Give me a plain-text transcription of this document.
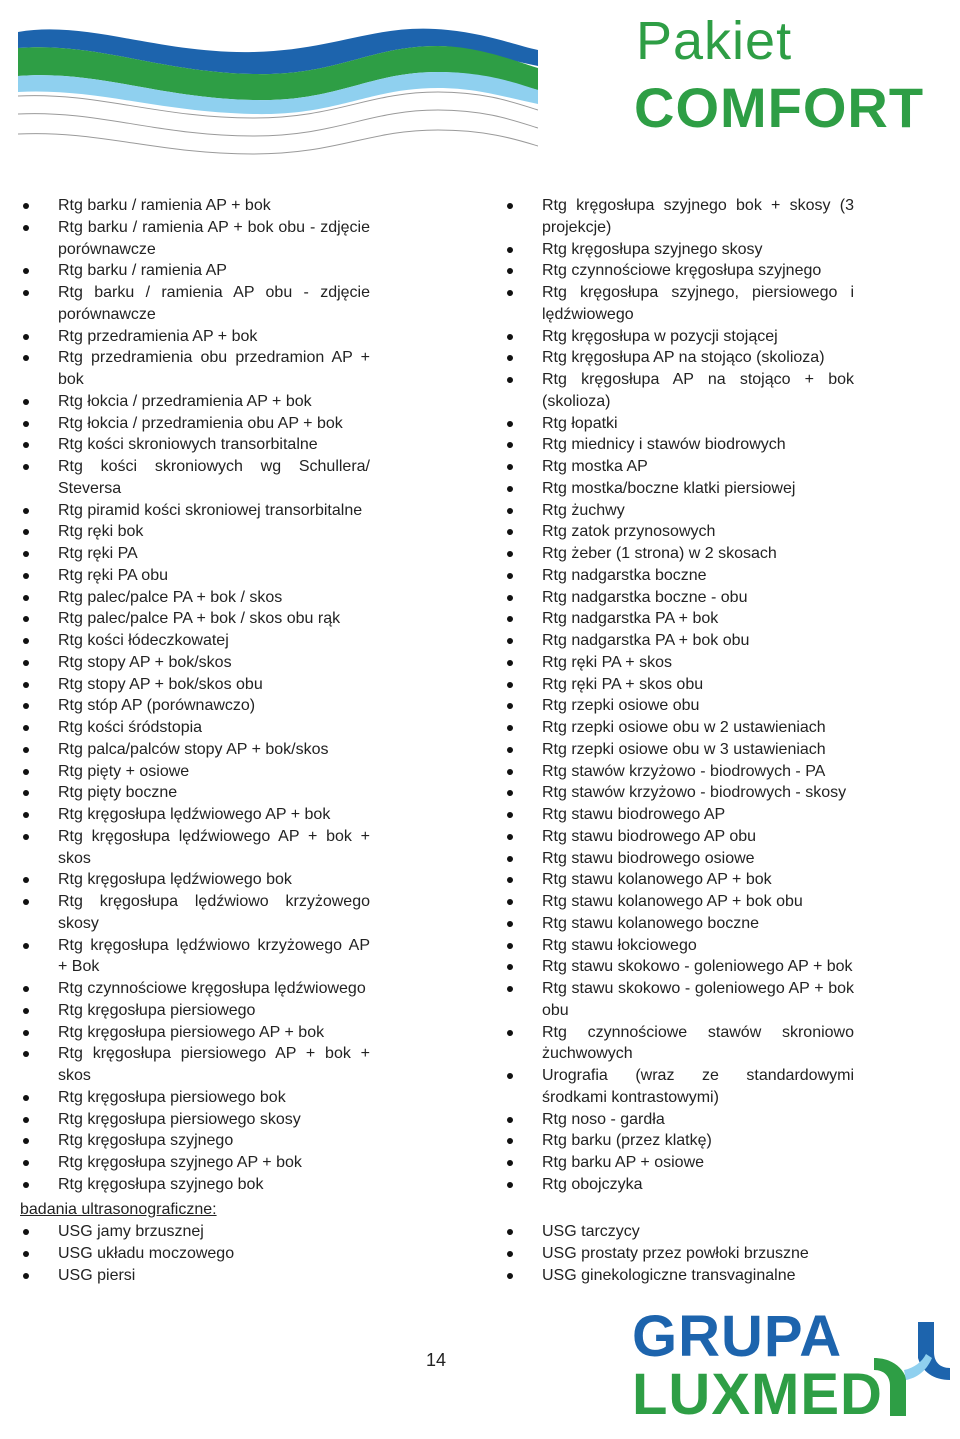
Pakiet
COMFORT
Rtg barku / ramienia AP + bok
Rtg barku / ramienia AP + bok obu - zdjęcie porównawcze
Rtg barku / ramienia AP
Rtg barku / ramienia AP obu - zdjęcie porównawcze
Rtg przedramienia AP + bok
Rtg przedramienia obu przedramion AP + bok
Rtg łokcia / przedramienia AP + bok
Rtg łokcia / przedramienia obu AP + bok
Rtg kości skroniowych transorbitalne
Rtg kości skroniowych wg Schullera/ Steversa
Rtg piramid kości skroniowej transorbitalne
Rtg ręki bok
Rtg ręki PA
Rtg ręki PA obu
Rtg palec/palce PA + bok / skos
Rtg palec/palce PA + bok / skos obu rąk
Rtg kości łódeczkowatej
Rtg stopy AP + bok/skos
Rtg stopy AP + bok/skos obu
Rtg stóp AP (porównawczo)
Rtg kości śródstopia
Rtg palca/palców stopy AP + bok/skos
Rtg pięty + osiowe
Rtg pięty boczne
Rtg kręgosłupa lędźwiowego AP + bok
Rtg kręgosłupa lędźwiowego AP + bok + skos
Rtg kręgosłupa lędźwiowego bok
Rtg kręgosłupa lędźwiowo krzyżowego skosy
Rtg kręgosłupa lędźwiowo krzyżowego AP + Bok
Rtg czynnościowe kręgosłupa lędźwiowego
Rtg kręgosłupa piersiowego
Rtg kręgosłupa piersiowego AP + bok
Rtg kręgosłupa piersiowego AP + bok + skos
Rtg kręgosłupa piersiowego bok
Rtg kręgosłupa piersiowego skosy
Rtg kręgosłupa szyjnego
Rtg kręgosłupa szyjnego AP + bok
Rtg kręgosłupa szyjnego bok
Rtg kręgosłupa szyjnego bok + skosy (3 projekcje)
Rtg kręgosłupa szyjnego skosy
Rtg czynnościowe kręgosłupa szyjnego
Rtg kręgosłupa szyjnego, piersiowego i lędźwiowego
Rtg kręgosłupa w pozycji stojącej
Rtg kręgosłupa AP na stojąco (skolioza)
Rtg kręgosłupa AP na stojąco + bok (skolioza)
Rtg łopatki
Rtg miednicy i stawów biodrowych
Rtg mostka AP
Rtg mostka/boczne klatki piersiowej
Rtg żuchwy
Rtg zatok przynosowych
Rtg żeber (1 strona) w 2 skosach
Rtg nadgarstka boczne
Rtg nadgarstka boczne - obu
Rtg nadgarstka PA + bok
Rtg nadgarstka PA + bok obu
Rtg ręki PA + skos
Rtg ręki PA + skos obu
Rtg rzepki osiowe obu
Rtg rzepki osiowe obu w 2 ustawieniach
Rtg rzepki osiowe obu w 3 ustawieniach
Rtg stawów krzyżowo - biodrowych - PA
Rtg stawów krzyżowo - biodrowych - skosy
Rtg stawu biodrowego AP
Rtg stawu biodrowego AP obu
Rtg stawu biodrowego osiowe
Rtg stawu kolanowego AP + bok
Rtg stawu kolanowego AP + bok obu
Rtg stawu kolanowego boczne
Rtg stawu łokciowego
Rtg stawu skokowo - goleniowego AP + bok
Rtg stawu skokowo - goleniowego AP + bok obu
Rtg czynnościowe stawów skroniowo żuchwowych
Urografia (wraz ze standardowymi środkami kontrastowymi)
Rtg noso - gardła
Rtg barku (przez klatkę)
Rtg barku AP + osiowe
Rtg obojczyka
badania ultrasonograficzne:
USG jamy brzusznej
USG układu moczowego
USG piersi
USG tarczycy
USG prostaty przez powłoki brzuszne
USG ginekologiczne transvaginalne
14	GRUPA
LUXMED
